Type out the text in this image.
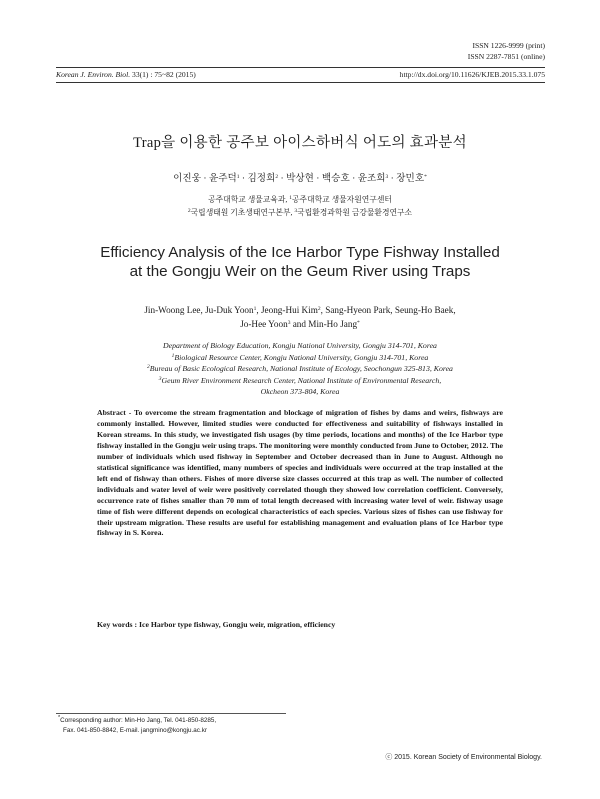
ISSN 1226-9999 (print)
ISSN 2287-7851 (online)
Korean J. Environ. Biol. 33(1) : 75~82 (2015)	http://dx.doi.org/10.11626/KJEB.2015.33.1.075
Trap을 이용한 공주보 아이스하버식 어도의 효과분석
이진웅 · 윤주덕$^1$ · 김정희$^2$ · 박상현 · 백승호 · 윤조희$^3$ · 장민호*
공주대학교 생물교육과, $^1$공주대학교 생물자원연구센터
$^2$국립생태원 기초생태연구본부, $^3$국립환경과학원 금강물환경연구소
Efficiency Analysis of the Ice Harbor Type Fishway Installed
at the Gongju Weir on the Geum River using Traps
Jin-Woong Lee, Ju-Duk Yoon$^1$, Jeong-Hui Kim$^2$, Sang-Hyeon Park, Seung-Ho Baek,
Jo-Hee Yoon$^3$ and Min-Ho Jang*
Department of Biology Education, Kongju National University, Gongju 314-701, Korea
$^1$Biological Resource Center, Kongju National University, Gongju 314-701, Korea
$^2$Bureau of Basic Ecological Research, National Institute of Ecology, Seochongun 325-813, Korea
$^3$Geum River Environment Research Center, National Institute of Environmental Research,
Okcheon 373-804, Korea
Abstract - To overcome the stream fragmentation and blockage of migration of fishes by dams and weirs, fishways are commonly installed. However, limited studies were conducted for effectiveness and suitability of fishways installed in Korean streams. In this study, we investigated fish usages (by time periods, locations and months) of the Ice Harbor type fishway installed in the Gongju weir using traps. The monitoring were monthly conducted from June to October, 2012. The number of individuals which used fishway in September and October decreased than in June to August. Although no statistical significance was identified, many numbers of species and individuals were occurred at the trap installed at the left end of fishway than others. Fishes of more diverse size classes occurred at this trap as well. The number of collected individuals and water level of weir were positively correlated though they showed low correlation coefficient. Conversely, occurrence rate of fishes smaller than 70 mm of total length decreased with increasing water level of weir. fishway usage time of fish were different depends on ecological characteristics of each species. Various sizes of fishes can use fishway for their upstream migration. These results are useful for establishing management and evaluation plans of Ice Harbor type fishway in S. Korea.
Key words : Ice Harbor type fishway, Gongju weir, migration, efficiency
*Corresponding author: Min-Ho Jang, Tel. 041-850-8285,
Fax. 041-850-8842, E-mail. jangmino@kongju.ac.kr
ⓒ 2015. Korean Society of Environmental Biology.
